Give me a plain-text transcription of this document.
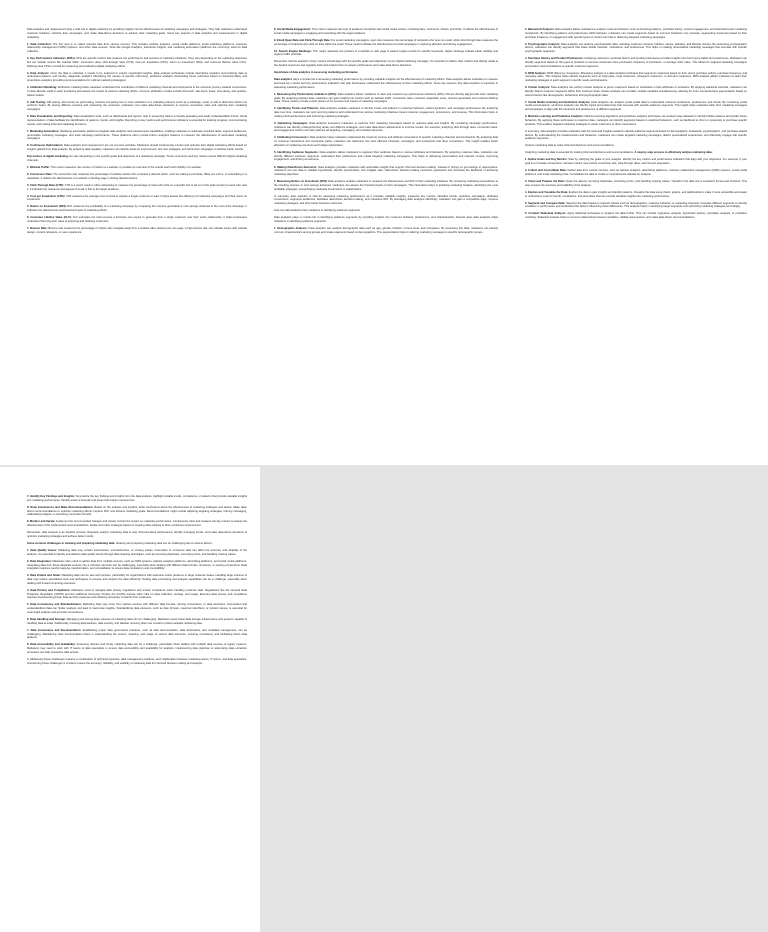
Data analytics and measurement play a vital role in digital marketing by providing insights into the effectiveness of marketing campaigns and strategies. They help marketers understand customer behavior, optimize their campaigns, and make data-driven decisions to achieve their marketing goals. Some key aspects of data analytics and measurement in digital marketing:

1. Data Collection: The first step is to collect relevant data from various sources. This includes website analytics, social media platforms, email marketing platforms, customer relationship management (CRM) systems, and other data sources. Tools like Google Analytics, Facebook Insights, and marketing automation platforms are commonly used for data collection.

2. Key Performance Indicators (KPIs): KPIs are specific metrics that measure the performance and success of marketing initiatives. They vary depending on the marketing objectives but can include metrics like website traffic, conversion rates, click-through rates (CTR), cost per acquisition (CPA), return on investment (ROI), and customer lifetime value (CLV). Defining clear KPIs is crucial for measuring and evaluating digital marketing efforts.

3. Data Analysis: Once the data is collected, it needs to be analyzed to extract meaningful insights. Data analysis techniques include descriptive analytics (summarizing data to understand patterns and trends), diagnostic analytics (identifying the causes of specific outcomes), predictive analytics (forecasting future outcomes based on historical data), and prescriptive analytics (providing recommendations for optimal marketing strategies).

4. Attribution Modeling: Attribution modeling helps marketers understand the contribution of different marketing channels and touchpoints to the customer journey towards conversions. It helps allocate credit to each touchpoint and assess the impact of various marketing efforts. Common attribution models include first-touch, last-touch, linear, time-decay, and position-based models.

5. A/B Testing: A/B testing, also known as split testing, involves comparing two or more variations of a marketing element (such as a webpage, email, or ad) to determine which one performs better. By testing different versions and measuring the outcomes, marketers can make data-driven decisions to improve conversion rates and optimize their marketing campaigns.

6. Data Visualization and Reporting: Data visualization tools, such as dashboards and reports, help in presenting data in a visually appealing and easily understandable format. Visual representations of data facilitate the identification of patterns, trends, and insights. Reporting on key metrics and performance indicators is essential for tracking progress, communicating results, and making informed marketing decisions.

7. Marketing Automation: Marketing automation platforms integrate data analytics and measurement capabilities, enabling marketers to automate repetitive tasks, segment audiences, personalize marketing messages, and track campaign performance. These platforms often provide built-in analytics features to measure the effectiveness of automated marketing campaigns.

8. Continuous Optimization: Data analytics and measurement are not one-time activities. Marketers should continuously monitor and optimize their digital marketing efforts based on insights gained from data analysis. By analyzing data regularly, marketers can identify areas for improvement, test new strategies, and refine their campaigns to achieve better results.

Key metrics in digital marketing can vary depending on the specific goals and objectives of a marketing campaign. Some commonly used key metrics across different digital marketing channels:

1. Website Traffic: This metric measures the number of visitors to a website. It provides an overview of the overall reach and visibility of a website.

2. Conversion Rate: The conversion rate measures the percentage of website visitors who complete a desired action, such as making a purchase, filling out a form, or subscribing to a newsletter. It reflects the effectiveness of a website or landing page in driving desired actions.

3. Click-Through Rate (CTR): CTR is a metric used in online advertising to measure the percentage of users who click on a specific link or ad out of the total number of users who view it. It indicates the relevance and appeal of an ad or link to the target audience.

4. Cost per Acquisition (CPA): CPA measures the average cost incurred to acquire a single customer or lead. It helps assess the efficiency of marketing campaigns and their return on investment.

5. Return on Investment (ROI): ROI measures the profitability of a marketing campaign by comparing the revenue generated or cost savings achieved to the cost of the campaign. It indicates the effectiveness and financial impact of marketing efforts.

6. Customer Lifetime Value (CLV): CLV estimates the total revenue a business can expect to generate from a single customer over their entire relationship. It helps businesses understand the long-term value of acquiring and retaining customers.

7. Bounce Rate: Bounce rate measures the percentage of visitors who navigate away from a website after viewing only one page. A high bounce rate can indicate issues with website design, content relevance, or user experience.

8. Social Media Engagement: This metric measures the level of audience interaction with social media content, including likes, comments, shares, and clicks. It reflects the effectiveness of social media campaigns in engaging and resonating with the target audience.

9. Email Open Rate and Click-Through Rate: For email marketing campaigns, open rate measures the percentage of recipients who open an email, while click-through rate measures the percentage of recipients who click on links within the email. These metrics indicate the effectiveness of email campaigns in capturing attention and driving engagement.

10. Search Engine Rankings: This metric assesses the position of a website or web page in search engine results for specific keywords. Higher rankings indicate better visibility and organic traffic potential.

Remember that the selection of key metrics should align with the specific goals and objectives of your digital marketing campaign. It's important to define clear metrics that directly relate to the desired outcomes and regularly track and analyze them to assess performance and make data-driven decisions.

Importance of data analytics in assessing marketing performance

Data analytics plays a crucial role in assessing marketing performance by providing valuable insights into the effectiveness of marketing efforts. Data analytics allows marketers to measure and track key metrics and key performance indicators that help businesses understand the effectiveness of their marketing efforts. Some key reasons why data analytics is important in assessing marketing performance:

1. Measuring Key Performance Indicators (KPIs): Data analytics allows marketers to track and measure key performance indicators (KPIs) that are directly aligned with their marketing goals. By analyzing relevant data, marketers can gain insights into metrics such as website traffic, conversion rates, customer acquisition costs, revenue generated, and customer lifetime value. These metrics provide a clear picture of the success and impact of marketing campaigns.

2. Identifying Trends and Patterns: Data analytics enables marketers to identify trends and patterns in customer behavior, market dynamics, and campaign performance. By analyzing data over time, marketers can spot recurring patterns and understand how various marketing initiatives impact customer engagement, conversions, and revenue. This information helps in making informed decisions and optimizing marketing strategies.

3. Optimizing Campaigns: Data analytics empowers marketers to optimize their marketing campaigns based on real-time data and insights. By monitoring campaign performance, marketers can identify underperforming areas, test different strategies, and make data-driven adjustments to improve results. For example, analyzing click-through rates, conversion rates, and engagement metrics can help optimize ad targeting, messaging, and creative elements.

4. Attributing Conversions: Data analytics helps marketers understand the customer journey and attribute conversions to specific marketing channels and touchpoints. By analyzing data on customer interactions and conversion paths, marketers can determine the most effective channels, campaigns, and touchpoints that drive conversions. This insight enables better allocation of marketing resources and budget optimization.

5. Identifying Audience Segments: Data analytics allows marketers to segment their audience based on various attributes and behaviors. By analyzing customer data, marketers can identify different customer segments, understand their preferences and create targeted marketing campaigns. This helps in delivering personalized and relevant content, improving engagement, and driving conversions.

6. Making Data-Driven Decisions: Data analytics provides marketers with actionable insights that support informed decision-making. Instead of relying on gut feelings or assumptions, marketers can use data to validate hypotheses, identify opportunities, and mitigate risks. Data-driven decision-making minimizes guesswork and increases the likelihood of achieving marketing objectives.

7. Measuring Return on Investment (ROI): Data analytics enables marketers to measure the effectiveness and ROI of their marketing initiatives. By comparing marketing expenditures to the resulting revenue or cost savings achieved, marketers can assess the financial impact of their campaigns. This information helps in justifying marketing budgets, identifying the most profitable strategies, and justifying marketing investments to stakeholders.

In summary, data analytics is vital for assessing marketing performance as it provides valuable insights, measures key metrics, identifies trends, optimizes campaigns, attributes conversions, segments audiences, facilitates data-driven decision-making, and measures ROI. By leveraging data analytics effectively, marketers can gain a competitive edge, improve marketing strategies, and drive better business outcomes.

How can data analytics help marketers in identifying audience segments

Data analytics plays a crucial role in identifying audience segments by providing insights into customer behavior, preferences, and characteristics. Several ways data analytics helps marketers in identifying audience segments:

1. Demographic Analysis: Data analytics can analyze demographic data such as age, gender, location, income level, and occupation. By examining this data, marketers can identify common characteristics among groups and create segments based on demographics. This segmentation helps in tailoring marketing messages to specific demographic groups.

2. Behavioral Analysis: Data analytics allows marketers to analyze customer behavior, such as browsing patterns, purchase history, content engagement, and interactions with marketing touchpoints. By identifying patterns and preferences within behavior, marketers can create segments based on common behaviors. For example, segmenting customers based on their purchase frequency or engagement with specific types of content can help in delivering targeted marketing campaigns.

3. Psychographic Analysis: Data analytics can analyze psychographic data, including customer interests, hobbies, values, attitudes, and lifestyle choices. By examining psychographic factors, marketers can identify segments that share similar interests, motivations, and preferences. This helps in creating personalized marketing messages that resonate with specific psychographic segments.

4. Purchase History and Product Preferences: Analyzing customers' purchase history and product preferences provides insights into their buying habits and preferences. Marketers can identify segments based on the types of products or services customers have purchased, frequency of purchases, or average order value. This allows for targeted marketing campaigns and product recommendations to specific customer segments.

5. RFM Analysis: RFM (Recency, Frequency, Monetary) analysis is a data analytics technique that segments customers based on their recent purchase activity, purchase frequency, and monetary value. This analysis helps identify segments such as high-value, loyal customers, infrequent customers, or dormant customers. RFM analysis allows marketers to tailor their marketing strategies to each segment's specific needs and behaviors.

6. Cluster Analysis: Data analytics can perform cluster analysis to group customers based on similarities in their attributes or behaviors. By applying statistical methods, marketers can identify distinct customer segments within their customer base. Cluster analysis can consider multiple variables simultaneously, allowing for more comprehensive segmentation based on various factors like demographic, behavioral, and psychographic data.

7. Social Media Listening and Sentiment Analysis: Data analytics can analyze social media data to understand customer sentiments, preferences, and trends. By monitoring social media conversations, sentiment analysis can identify topics and preferences that resonate with specific audience segments. This insight helps marketers tailor their marketing messages and campaigns to align with the sentiment and preferences of different segments.

8. Machine Learning and Predictive Analytics: Machine learning algorithms and predictive analytics techniques can analyze large datasets to identify hidden patterns and predict future behaviors. By applying these techniques to customer data, marketers can identify segments based on predicted behaviors, such as likelihood to churn or propensity to purchase specific products. This enables targeted marketing strategies to retain customers or drive conversions.

In summary, data analytics provides marketers with the tools and insights needed to identify audience segments based on demographics, behavioral, psychographic, and purchase-related factors. By understanding the characteristics and behaviors, marketers can create targeted marketing campaigns, deliver personalized experiences, and effectively engage with specific audience segments.

Analyze marketing data to make informed decisions and recommendations.

Analyzing marketing data is essential for making informed decisions and recommendations. A step-by-step process to effectively analyze marketing data:

1. Define Goals and Key Metrics: Start by clarifying the goals of your analysis. Identify the key metrics and performance indicators that align with your objectives. For example, if your goal is to increase conversions, relevant metrics may include conversion rate, click-through rates, and cost per acquisition.

2. Collect and Consolidate Data: Gather data from various sources, such as website analytics, advertising platforms, customer relationship management (CRM) systems, social media platforms, and email marketing tools. Consolidate the data to create a comprehensive dataset for analysis.

3. Clean and Prepare the Data: Clean the data by removing duplicates, correcting errors, and handling missing values. Transform the data into a consistent format and structure. This step ensures the accuracy and reliability of the analysis.

4. Explore and Visualize the Data: Explore the data to gain insights and identify patterns. Visualize the data using charts, graphs, and dashboards to make it more accessible and easier to understand. Look for trends, correlations, and anomalies that can provide valuable insights into marketing performance.

5. Segment and Compare Data: Segment the data based on relevant criteria such as demographics, customer behavior, or marketing channels. Compare different segments to identify variations in performance and understand the factors influencing those differences. This analysis helps in identifying target segments and optimizing marketing strategies accordingly.

6. Conduct Statistical Analysis: Apply statistical techniques to analyze the data further. This can include regression analysis, hypothesis testing, correlation analysis, or predictive modeling. Statistical analysis helps to uncover relationships between variables, validate assumptions, and make data-driven recommendations.

7. Identify Key Findings and Insights: Summarize the key findings and insights from the data analysis. Highlight notable trends, correlations, or patterns that provide valuable insights into marketing performance. Identify areas of strength and areas that require improvement.

8. Draw Conclusions and Make Recommendations: Based on the analysis and insights, draw conclusions about the effectiveness of marketing strategies and tactics. Make data-driven recommendations to optimize marketing efforts, improve ROI, and achieve marketing goals. Recommendations might include adjusting targeting strategies, refining messaging, reallocating budgets, or optimizing conversion funnels.

9. Monitor and Iterate: Implement the recommended changes and closely monitor the impact on marketing performance. Continuously track and measure the key metrics to assess the effectiveness of the implemented recommendations. Iterate and refine strategies based on ongoing data analysis to drive continuous improvement.

Remember, data analysis is an iterative process. Regularly analyze marketing data to stay informed about performance, identify emerging trends, and make data-driven decisions to optimize marketing strategies and achieve better results.

Some common challenges in cleaning and preparing marketing data. Cleaning and preparing marketing data can be challenging due to various factors:

1. Data Quality Issues: Marketing data may contain inaccuracies, inconsistencies, or missing values. Incomplete or erroneous data can affect the accuracy and reliability of the analysis. It's essential to identify and address data quality issues through data cleaning techniques, such as removing duplicates, correcting errors, and handling missing values.

2. Data Integration: Marketers often need to gather data from multiple sources, such as CRM systems, website analytics platforms, advertising platforms, and social media platforms. Integrating data from these disparate sources into a cohesive structure can be challenging, especially when dealing with different data formats, structures, or naming conventions. Data integration requires careful mapping, transformation, and consolidation to ensure data consistency and compatibility.

3. Data Volume and Scale: Marketing data can be vast and complex, particularly for organizations with extensive online presence or large customer bases. Handling large volumes of data may require specialized tools and techniques to process and analyze the data efficiently. Scaling data processing and analysis capabilities can be a challenge, especially when dealing with limited computing resources.

4. Data Privacy and Compliance: Marketers need to navigate data privacy regulations and ensure compliance when handling customer data. Regulations like the General Data Protection Regulation (GDPR) and the California Consumer Privacy Act (CCPA) impose strict rules on data collection, storage, and usage. Ensuring data privacy and compliance requires implementing proper data security measures and obtaining necessary consents from customers.

5. Data Consistency and Standardization: Marketing data may come from various sources with different data formats, naming conventions, or data structures. Inconsistent and unstandardized data can hinder analysis and lead to inaccurate insights. Standardizing data elements, such as date formats, customer identifiers, or product names, is essential for meaningful analysis and accurate comparisons.

6. Data Handling and Storage: Managing and storing large volumes of marketing data can be challenging. Marketers need robust data storage infrastructure and systems capable of handling data at scale. Additionally, ensuring data backups, data security, and disaster recovery plans are crucial to protect valuable marketing data.

7. Data Governance and Documentation: Establishing proper data governance practices, such as data documentation, data dictionaries, and metadata management, can be challenging. Maintaining clear documentation helps in understanding the source, meaning, and usage of various data elements, ensuring consistency and facilitating future data analysis.

8. Data Accessibility and Availability: Accessing relevant and timely marketing data can be a challenge, particularly when dealing with multiple data sources or legacy systems. Marketers may need to work with IT teams or data specialists to ensure data accessibility and availability for analysis. Implementing data pipelines or automating data extraction processes can help streamline data access.

9. Addressing these challenges requires a combination of technical expertise, data management practices, and collaboration between marketing teams, IT teams, and data specialists. Overcoming these challenges is crucial to ensure the accuracy, reliability, and usability of marketing data for informed decision-making and analysis.
